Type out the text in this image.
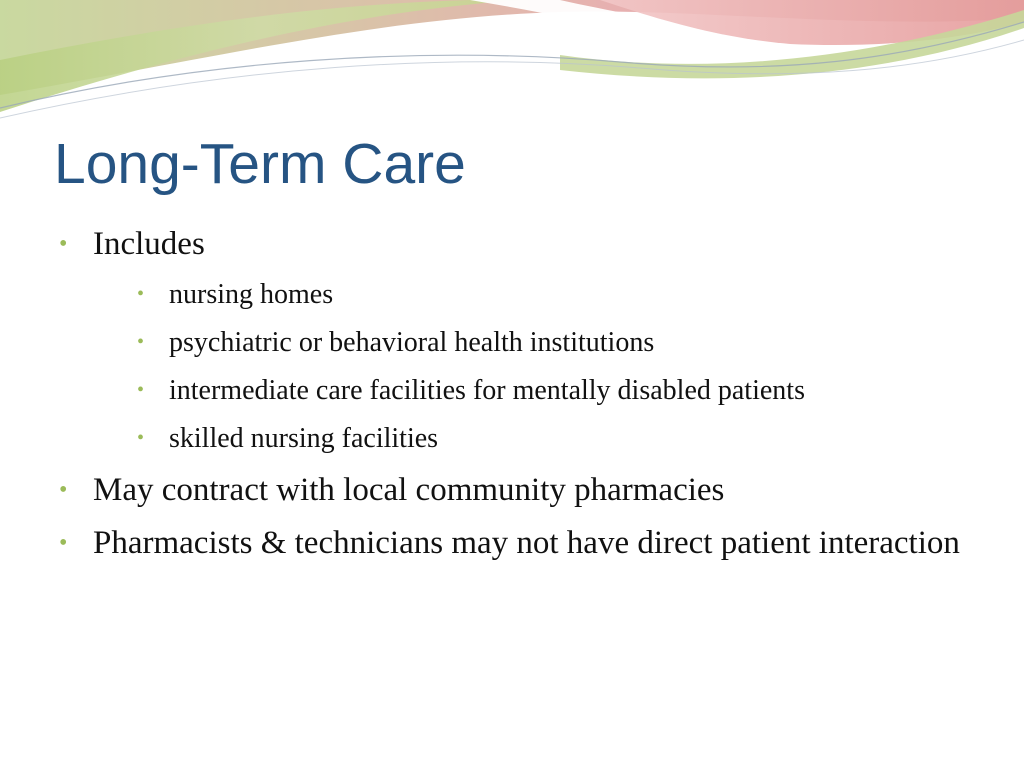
Long-Term Care
• Includes
• nursing homes
• psychiatric or behavioral health institutions
• intermediate care facilities for mentally disabled patients
• skilled nursing facilities
• May contract with local community pharmacies
• Pharmacists & technicians may not have direct patient interaction
